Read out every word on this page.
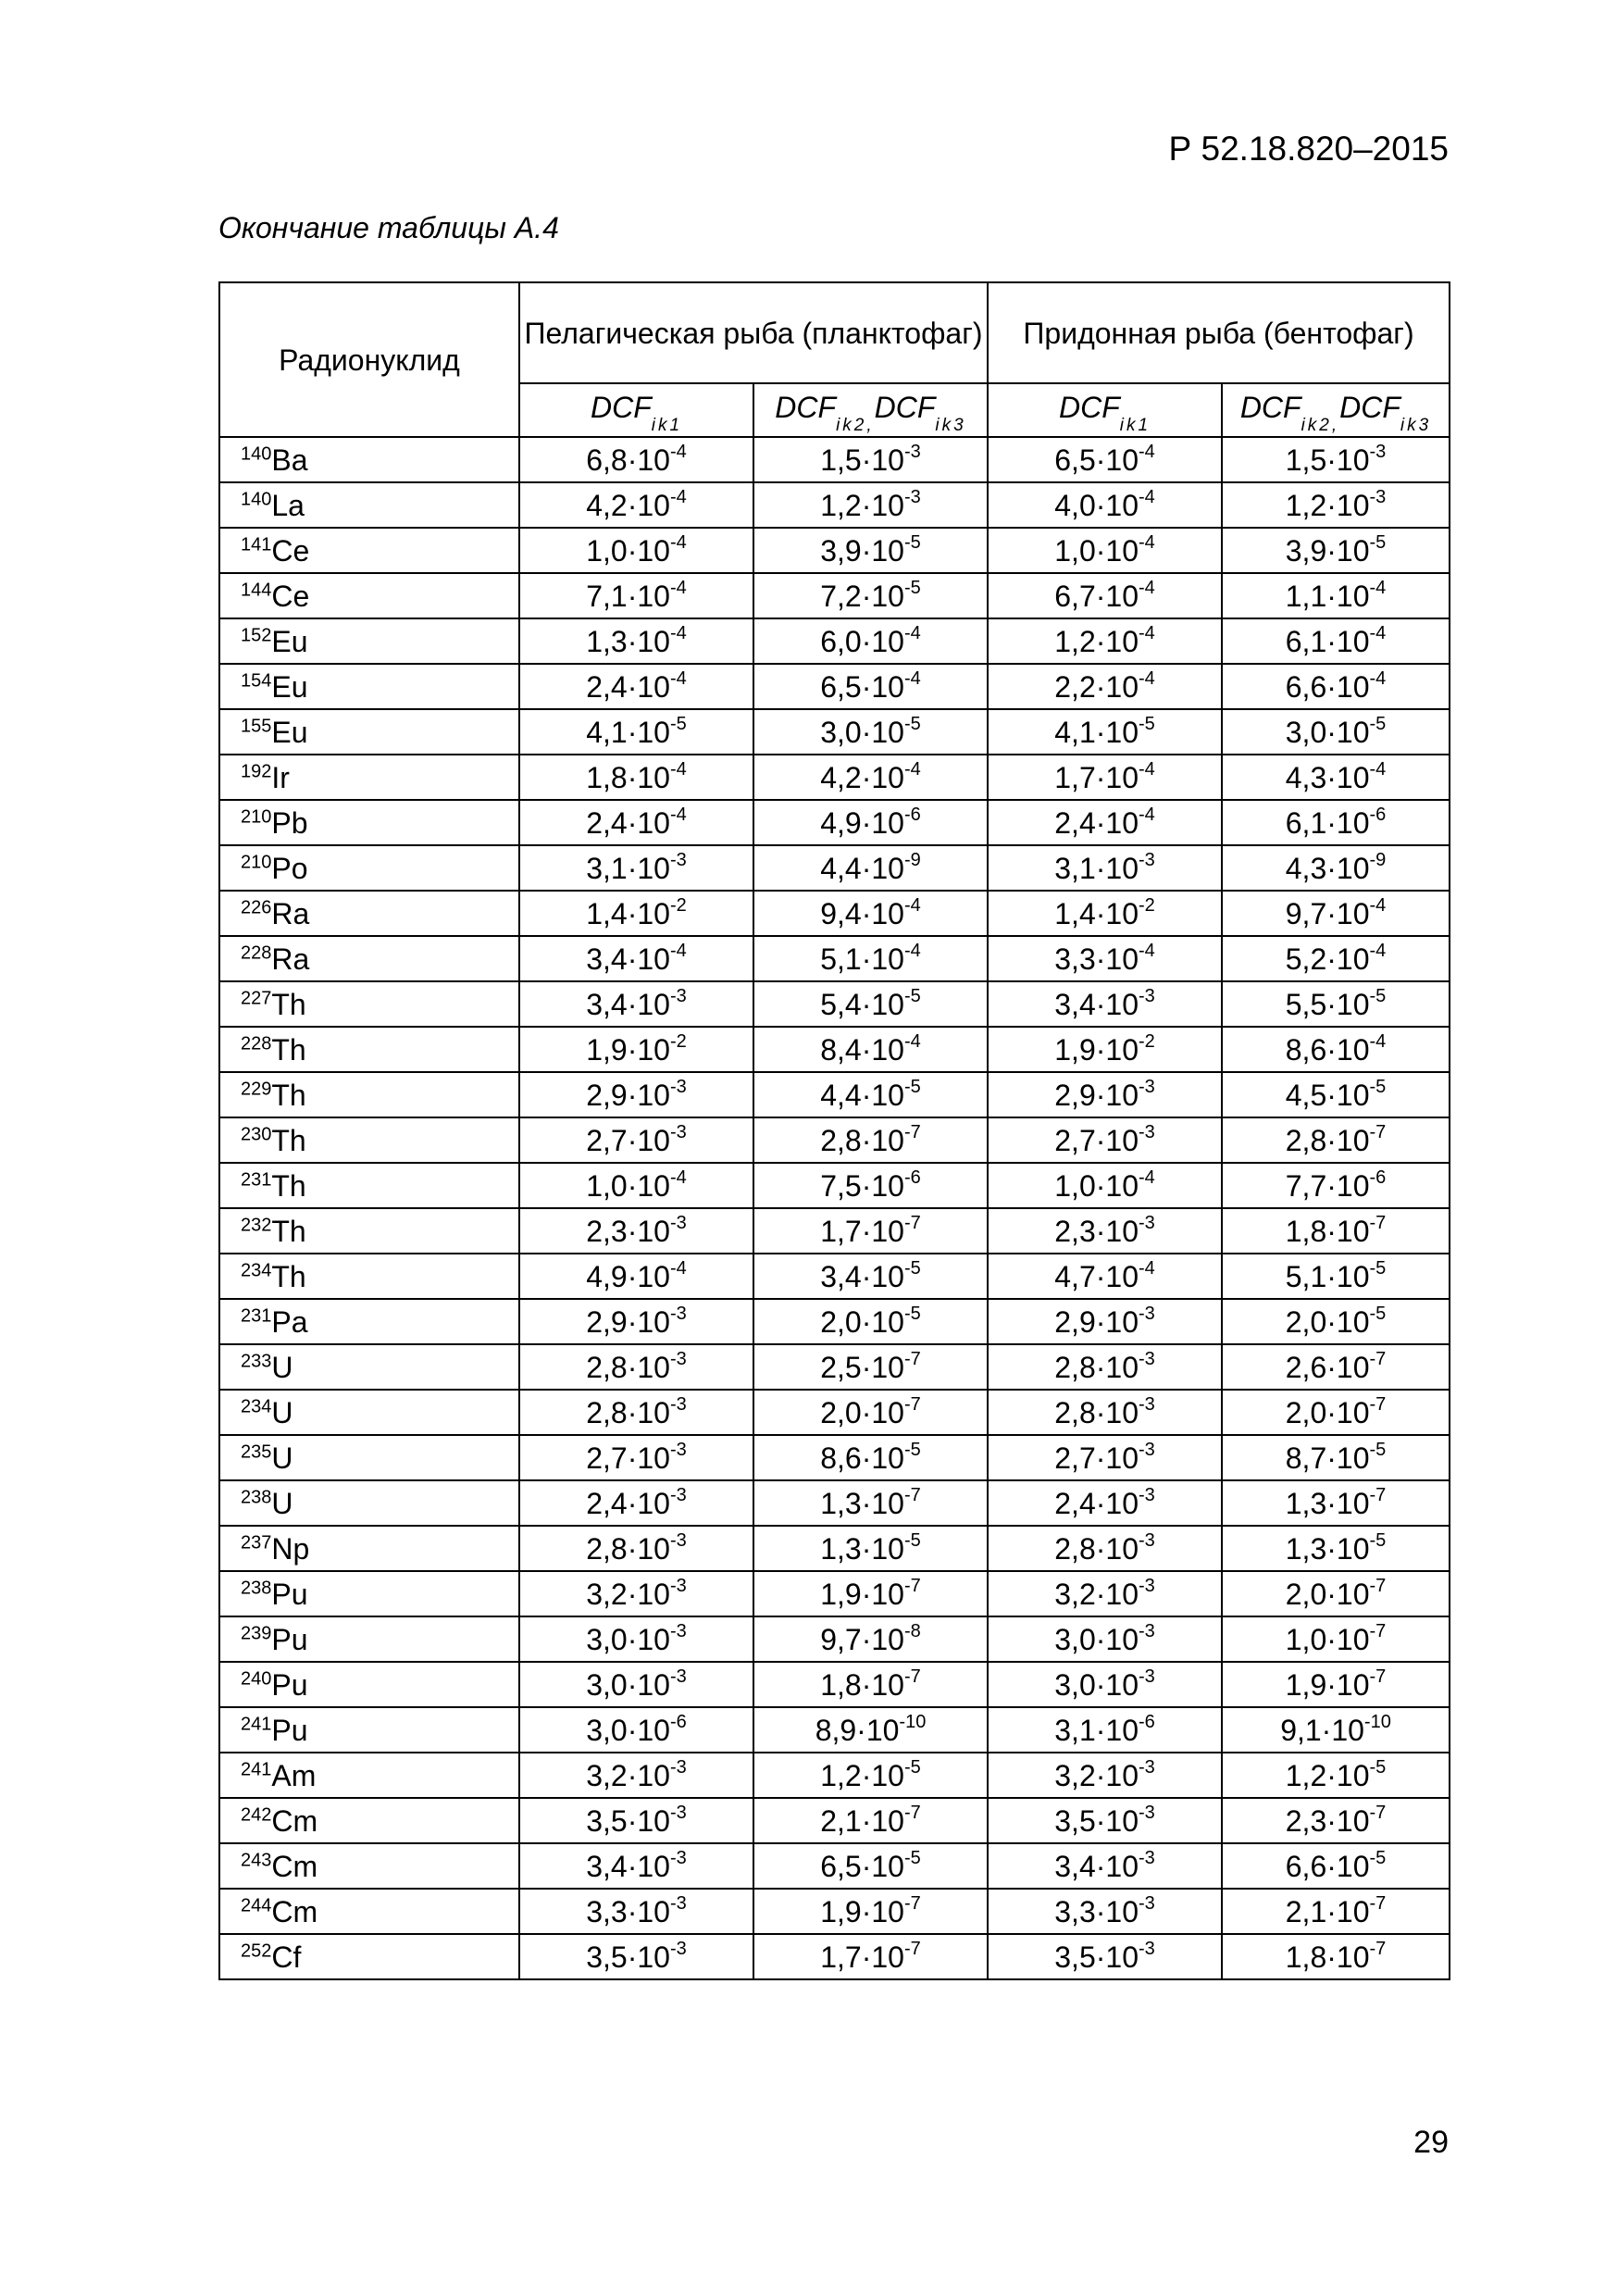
Р 52.18.820–2015
Окончание таблицы А.4
Радионуклид	Пелагическая рыба (планктофаг)		Придонная рыба (бентофаг)	
	$DCF_{ik1}$	$DCF_{ik2,}DCF_{ik3}$	$DCF_{ik1}$	$DCF_{ik2,}DCF_{ik3}$
$^{140}$Ba	$6,8\cdot 10^{-4}$	$1,5\cdot 10^{-3}$	$6,5\cdot 10^{-4}$	$1,5\cdot 10^{-3}$
$^{140}$La	$4,2\cdot 10^{-4}$	$1,2\cdot 10^{-3}$	$4,0\cdot 10^{-4}$	$1,2\cdot 10^{-3}$
$^{141}$Ce	$1,0\cdot 10^{-4}$	$3,9\cdot 10^{-5}$	$1,0\cdot 10^{-4}$	$3,9\cdot 10^{-5}$
$^{144}$Ce	$7,1\cdot 10^{-4}$	$7,2\cdot 10^{-5}$	$6,7\cdot 10^{-4}$	$1,1\cdot 10^{-4}$
$^{152}$Eu	$1,3\cdot 10^{-4}$	$6,0\cdot 10^{-4}$	$1,2\cdot 10^{-4}$	$6,1\cdot 10^{-4}$
$^{154}$Eu	$2,4\cdot 10^{-4}$	$6,5\cdot 10^{-4}$	$2,2\cdot 10^{-4}$	$6,6\cdot 10^{-4}$
$^{155}$Eu	$4,1\cdot 10^{-5}$	$3,0\cdot 10^{-5}$	$4,1\cdot 10^{-5}$	$3,0\cdot 10^{-5}$
$^{192}$Ir	$1,8\cdot 10^{-4}$	$4,2\cdot 10^{-4}$	$1,7\cdot 10^{-4}$	$4,3\cdot 10^{-4}$
$^{210}$Pb	$2,4\cdot 10^{-4}$	$4,9\cdot 10^{-6}$	$2,4\cdot 10^{-4}$	$6,1\cdot 10^{-6}$
$^{210}$Po	$3,1\cdot 10^{-3}$	$4,4\cdot 10^{-9}$	$3,1\cdot 10^{-3}$	$4,3\cdot 10^{-9}$
$^{226}$Ra	$1,4\cdot 10^{-2}$	$9,4\cdot 10^{-4}$	$1,4\cdot 10^{-2}$	$9,7\cdot 10^{-4}$
$^{228}$Ra	$3,4\cdot 10^{-4}$	$5,1\cdot 10^{-4}$	$3,3\cdot 10^{-4}$	$5,2\cdot 10^{-4}$
$^{227}$Th	$3,4\cdot 10^{-3}$	$5,4\cdot 10^{-5}$	$3,4\cdot 10^{-3}$	$5,5\cdot 10^{-5}$
$^{228}$Th	$1,9\cdot 10^{-2}$	$8,4\cdot 10^{-4}$	$1,9\cdot 10^{-2}$	$8,6\cdot 10^{-4}$
$^{229}$Th	$2,9\cdot 10^{-3}$	$4,4\cdot 10^{-5}$	$2,9\cdot 10^{-3}$	$4,5\cdot 10^{-5}$
$^{230}$Th	$2,7\cdot 10^{-3}$	$2,8\cdot 10^{-7}$	$2,7\cdot 10^{-3}$	$2,8\cdot 10^{-7}$
$^{231}$Th	$1,0\cdot 10^{-4}$	$7,5\cdot 10^{-6}$	$1,0\cdot 10^{-4}$	$7,7\cdot 10^{-6}$
$^{232}$Th	$2,3\cdot 10^{-3}$	$1,7\cdot 10^{-7}$	$2,3\cdot 10^{-3}$	$1,8\cdot 10^{-7}$
$^{234}$Th	$4,9\cdot 10^{-4}$	$3,4\cdot 10^{-5}$	$4,7\cdot 10^{-4}$	$5,1\cdot 10^{-5}$
$^{231}$Pa	$2,9\cdot 10^{-3}$	$2,0\cdot 10^{-5}$	$2,9\cdot 10^{-3}$	$2,0\cdot 10^{-5}$
$^{233}$U	$2,8\cdot 10^{-3}$	$2,5\cdot 10^{-7}$	$2,8\cdot 10^{-3}$	$2,6\cdot 10^{-7}$
$^{234}$U	$2,8\cdot 10^{-3}$	$2,0\cdot 10^{-7}$	$2,8\cdot 10^{-3}$	$2,0\cdot 10^{-7}$
$^{235}$U	$2,7\cdot 10^{-3}$	$8,6\cdot 10^{-5}$	$2,7\cdot 10^{-3}$	$8,7\cdot 10^{-5}$
$^{238}$U	$2,4\cdot 10^{-3}$	$1,3\cdot 10^{-7}$	$2,4\cdot 10^{-3}$	$1,3\cdot 10^{-7}$
$^{237}$Np	$2,8\cdot 10^{-3}$	$1,3\cdot 10^{-5}$	$2,8\cdot 10^{-3}$	$1,3\cdot 10^{-5}$
$^{238}$Pu	$3,2\cdot 10^{-3}$	$1,9\cdot 10^{-7}$	$3,2\cdot 10^{-3}$	$2,0\cdot 10^{-7}$
$^{239}$Pu	$3,0\cdot 10^{-3}$	$9,7\cdot 10^{-8}$	$3,0\cdot 10^{-3}$	$1,0\cdot 10^{-7}$
$^{240}$Pu	$3,0\cdot 10^{-3}$	$1,8\cdot 10^{-7}$	$3,0\cdot 10^{-3}$	$1,9\cdot 10^{-7}$
$^{241}$Pu	$3,0\cdot 10^{-6}$	$8,9\cdot 10^{-10}$	$3,1\cdot 10^{-6}$	$9,1\cdot 10^{-10}$
$^{241}$Am	$3,2\cdot 10^{-3}$	$1,2\cdot 10^{-5}$	$3,2\cdot 10^{-3}$	$1,2\cdot 10^{-5}$
$^{242}$Cm	$3,5\cdot 10^{-3}$	$2,1\cdot 10^{-7}$	$3,5\cdot 10^{-3}$	$2,3\cdot 10^{-7}$
$^{243}$Cm	$3,4\cdot 10^{-3}$	$6,5\cdot 10^{-5}$	$3,4\cdot 10^{-3}$	$6,6\cdot 10^{-5}$
$^{244}$Cm	$3,3\cdot 10^{-3}$	$1,9\cdot 10^{-7}$	$3,3\cdot 10^{-3}$	$2,1\cdot 10^{-7}$
$^{252}$Cf	$3,5\cdot 10^{-3}$	$1,7\cdot 10^{-7}$	$3,5\cdot 10^{-3}$	$1,8\cdot 10^{-7}$
29
